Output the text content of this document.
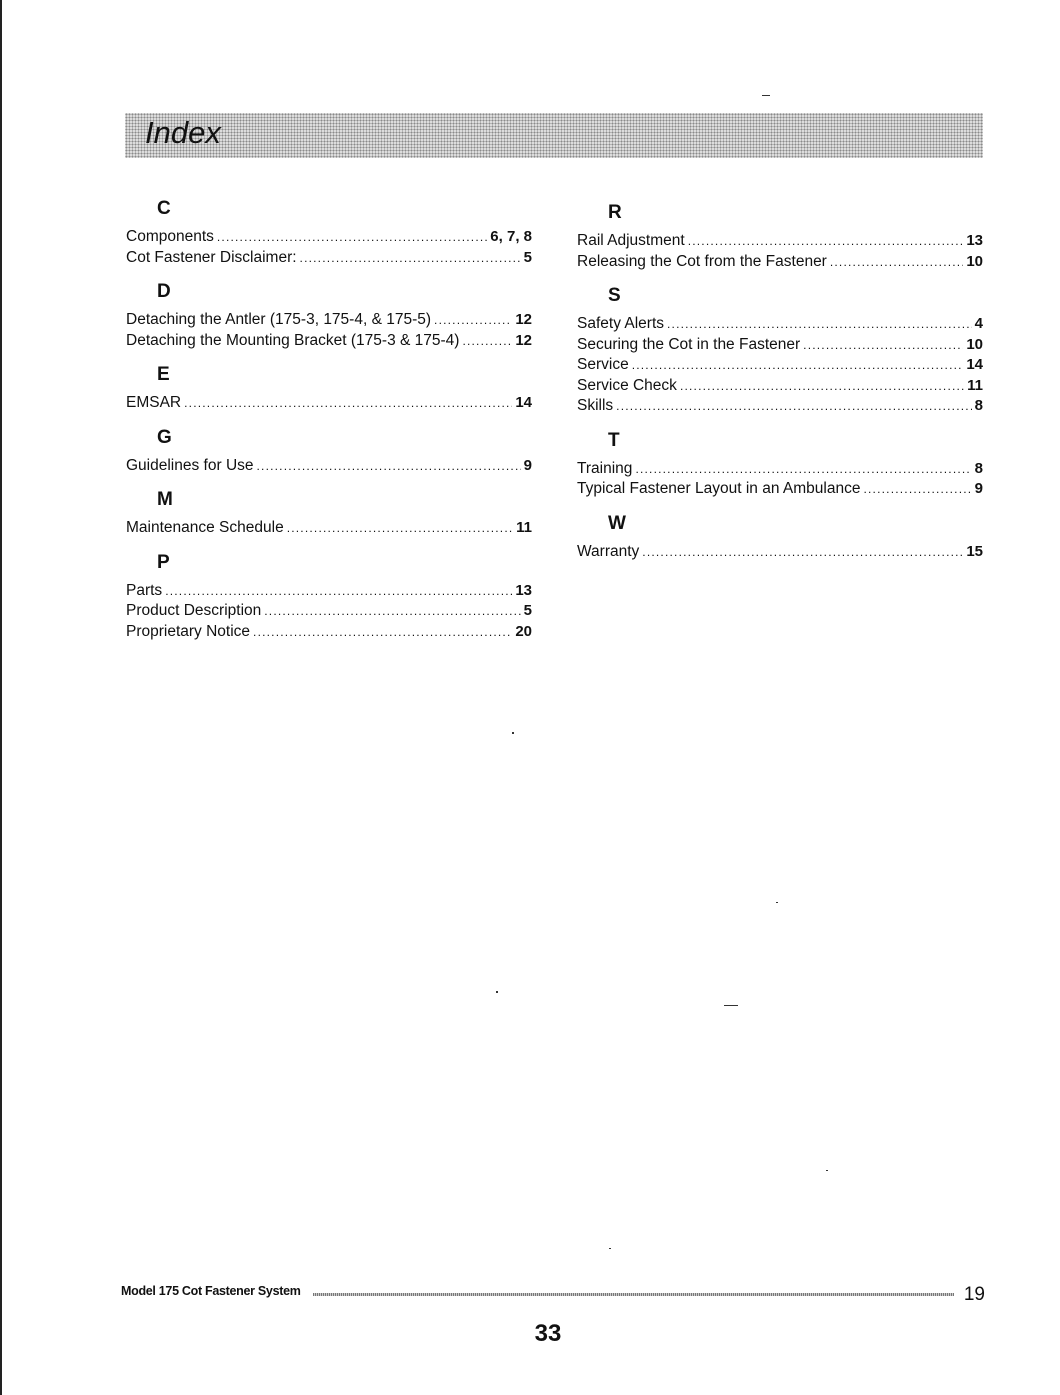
Index
C
Components .....	6, 7, 8
Cot Fastener Disclaimer: .....	5
D
Detaching the Antler (175-3, 175-4, & 175-5) .....	12
Detaching the Mounting Bracket (175-3 & 175-4) .....	12
E
EMSAR .....	14
G
Guidelines for Use .....	9
M
Maintenance Schedule .....	11
P
Parts .....	13
Product Description .....	5
Proprietary Notice .....	20
R
Rail Adjustment .....	13
Releasing the Cot from the Fastener .....	10
S
Safety Alerts .....	4
Securing the Cot in the Fastener .....	10
Service .....	14
Service Check .....	11
Skills .....	8
T
Training .....	8
Typical Fastener Layout in an Ambulance .....	9
W
Warranty .....	15
Model 175 Cot Fastener System	19
33
